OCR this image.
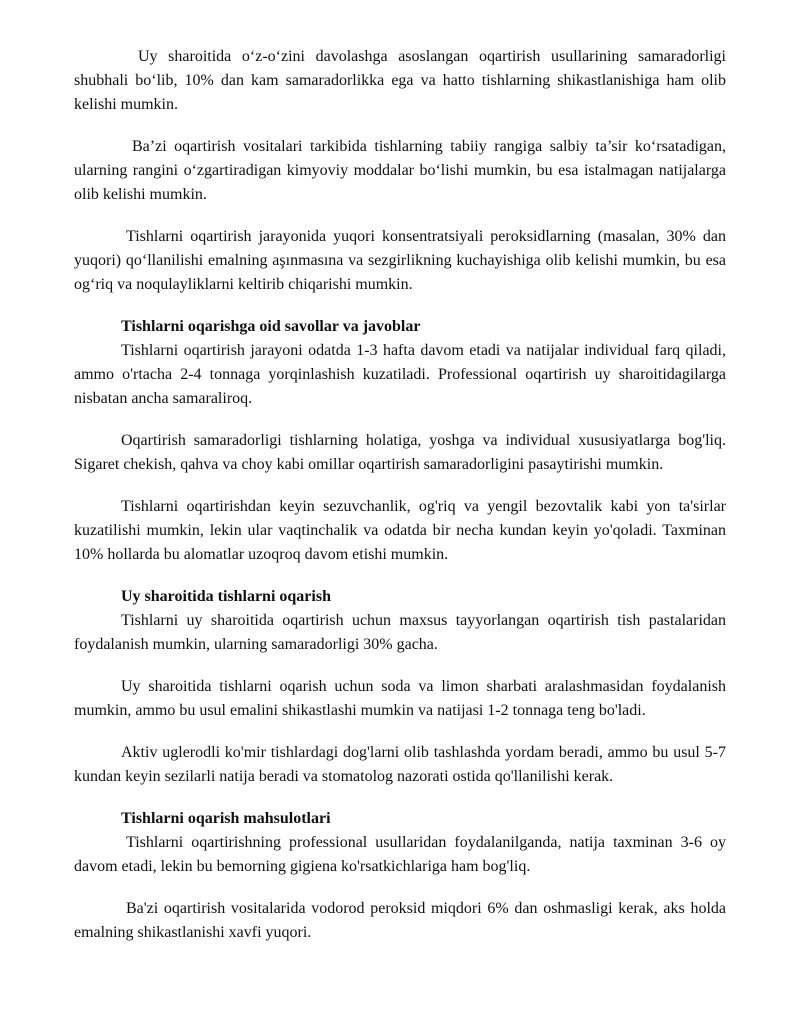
Uy sharoitida oʻz-oʻzini davolashga asoslangan oqartirish usullarining samaradorligi shubhali boʻlib, 10% dan kam samaradorlikka ega va hatto tishlarning shikastlanishiga ham olib kelishi mumkin.

Ba’zi oqartirish vositalari tarkibida tishlarning tabiiy rangiga salbiy ta’sir koʻrsatadigan, ularning rangini oʻzgartiradigan kimyoviy moddalar boʻlishi mumkin, bu esa istalmagan natijalarga olib kelishi mumkin.

Tishlarni oqartirish jarayonida yuqori konsentratsiyali peroksidlarning (masalan, 30% dan yuqori) qoʻllanilishi emalning aşınmasına va sezgirlikning kuchayishiga olib kelishi mumkin, bu esa ogʻriq va noqulayliklarni keltirib chiqarishi mumkin.

Tishlarni oqarishga oid savollar va javoblar

Tishlarni oqartirish jarayoni odatda 1-3 hafta davom etadi va natijalar individual farq qiladi, ammo o'rtacha 2-4 tonnaga yorqinlashish kuzatiladi. Professional oqartirish uy sharoitidagilarga nisbatan ancha samaraliroq.

Oqartirish samaradorligi tishlarning holatiga, yoshga va individual xususiyatlarga bog'liq. Sigaret chekish, qahva va choy kabi omillar oqartirish samaradorligini pasaytirishi mumkin.

Tishlarni oqartirishdan keyin sezuvchanlik, og'riq va yengil bezovtalik kabi yon ta'sirlar kuzatilishi mumkin, lekin ular vaqtinchalik va odatda bir necha kundan keyin yo'qoladi. Taxminan 10% hollarda bu alomatlar uzoqroq davom etishi mumkin.

Uy sharoitida tishlarni oqarish

Tishlarni uy sharoitida oqartirish uchun maxsus tayyorlangan oqartirish tish pastalaridan foydalanish mumkin, ularning samaradorligi 30% gacha.

Uy sharoitida tishlarni oqarish uchun soda va limon sharbati aralashmasidan foydalanish mumkin, ammo bu usul emalini shikastlashi mumkin va natijasi 1-2 tonnaga teng bo'ladi.

Aktiv uglerodli ko'mir tishlardagi dog'larni olib tashlashda yordam beradi, ammo bu usul 5-7 kundan keyin sezilarli natija beradi va stomatolog nazorati ostida qo'llanilishi kerak.

Tishlarni oqarish mahsulotlari

Tishlarni oqartirishning professional usullaridan foydalanilganda, natija taxminan 3-6 oy davom etadi, lekin bu bemorning gigiena ko'rsatkichlariga ham bog'liq.

Ba'zi oqartirish vositalarida vodorod peroksid miqdori 6% dan oshmasligi kerak, aks holda emalning shikastlanishi xavfi yuqori.
